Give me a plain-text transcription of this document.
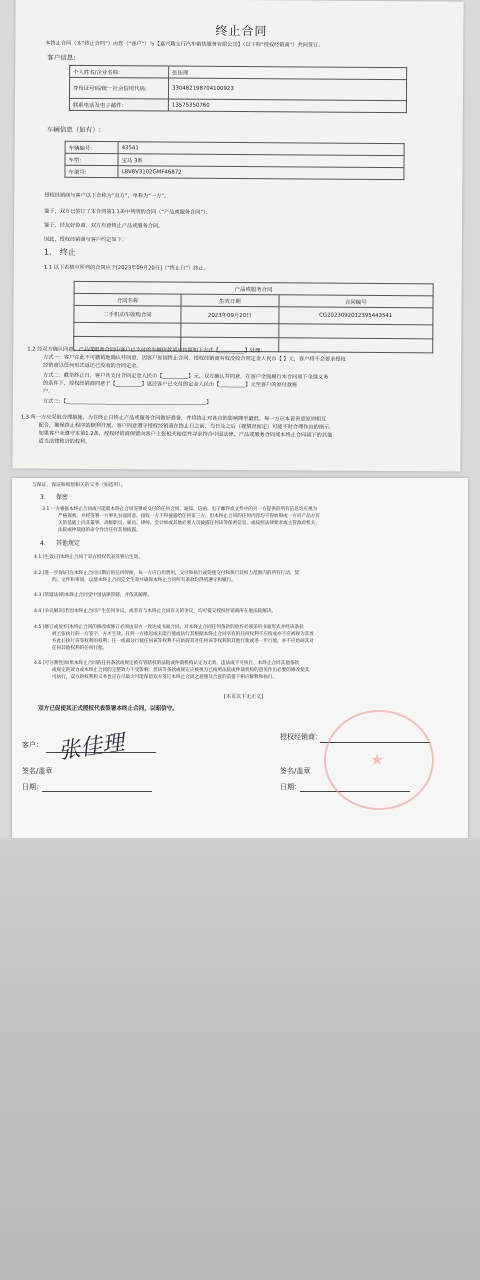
终止合同
本终止合同（本“终止合同”）由您（“客户”）与【嘉兴瑞宝行汽车销售服务有限公司】（以下称“授权经销商”）共同签订。
客户信息:
个人姓名/企业名称:	张佳理
身份证号码/统一社会信用代码:	330482198704100923
联系电话及电子邮件:	13575350760
车辆信息（如有）:
车辆编号:	43541
车型:	宝马 3系
车架号:	LBV8V3102GMF46872
授权经销商与客户以下合称为“双方”，单称为“一方”。
鉴于，双方已签订了本合同第1.1条中列明的合同（“产品或服务合同”）；
鉴于，经友好协商，双方有意终止产品或服务合同。
因此，授权经销商与客户约定如下：
1. 终止
1.1 以下表格中所列的合同应于[2023年09月20日]（“终止日”）终止。
产品或服务合同		
合同名称	生效日期	合同编号
二手机动车收购合同	2023年09月20日	CG2023092012395443541

1.2 经双方确认同意，产品或服务合同中客户已支付的车辆价款项应按照如下方式【__________】处理：
方式一：客户在此不可撤销地确认并同意，因客户原因终止合同，授权经销商有权没收合同定金人民币【 】元，客户将不会要求授权
经销商以任何形式返还已没收的合同定金。
方式二：截至终止日，客户共支付合同定金人民币【__________】元，双方确认并同意，在客户全面履行本合同项下全部义务
的条件下，授权经销商同意于【__________】返还客户已支付的定金人民币【__________】元至客户的原付款账
户。
方式三：【______________________________________________________】
1.3 每一方应采取合理措施，为在终止日终止产品或服务合同做好准备，并将终止对各自的影响降至最低。每一方应本着善意原则相互
配合，确保终止程序的顺利开展。客户同意遵守授权经销商在终止日之前、当日及之后（视情况而定）可能不时合理作出的指示。
如果客户未遵守本第1.2条，授权经销商保留向客户主张相关赔偿并寻求符合中国法律、产品或服务合同或本终止合同项下的其他
适当法律救济的权利。
与保证、保证和赔偿相关的义务（如适用）。
3. 保密
3.1 一方根据本终止合同或可能就本终止合同签署或交付的任何合同、通知、信函、电子邮件或文件中的另一方提供的所有信息均应视为
严格保密，并经签署一方事先书面同意。接收一方不得披露给任何第三方。但本终止合同的任何内容均不得妨碍或一方向产品方有
关的基础上向其董事、高级职员、雇员、律师、会计师或其他必要人员披露任何该等保密信息，或按照法律要求或主管政府机关、
法院或仲裁庭的命令作出任何其他披露。
4. 其他规定
4.1 [生效日]本终止合同于双方授权代表签署后生效。
4.2 [进一步保证]在本终止合同日期后的任何时候，每一方应自担费用，交付和执行或促使交付和执行其权力范围内的所有行动、契
约、文件和事项，以使本终止合同完全生效并确保本终止合同所有条款均得到遵守和履行。
4.3 [管辖法律]本终止合同受中国法律管辖，并依其解释。
4.4 [争议解决]若因本终止合同产生任何争议，或者有与本终止合同有关的争议，均可提交授权经销商所在地法院解决。
4.5 [修订或放弃]本终止合同的修改或修订必须由双方一致达成书面合同。对本终止合同任何条款的放弃必须采用书面形式并经该条款
被主张执行的一方签字，方才生效。任何一方推迟或未能行使或执行其根据本终止合同享有的任何权利不应构成亦不应被视为其放
弃此后执行该等权利的权利；任一或部分行使任何该等权利不应妨碍其对任何该等权利的其他行使或进一步行使，亦不应妨碍其对
任何其他权利的任何行使。
4.6 [可分割性]如果本终止合同的任何条款或规定被有管辖权的法院或仲裁机构认定为无效、违法或不可执行，本终止合同其他条款
或规定的效力或本终止合同的完整效力不受影响；但该等条款或规定应被视为已按照法院或仲裁机构的意见作出必要的修改使其
可执行，双方的权利和义务也应在尽最大可能保留双方签订本终止合同之意图及合意的前提下相应解释和执行。
[本页以下无正文]
双方已促使其正式授权代表签署本终止合同，以昭信守。
客户： 张佳理
签名/盖章
日期：
授权经销商：
签名/盖章
日期：
★
